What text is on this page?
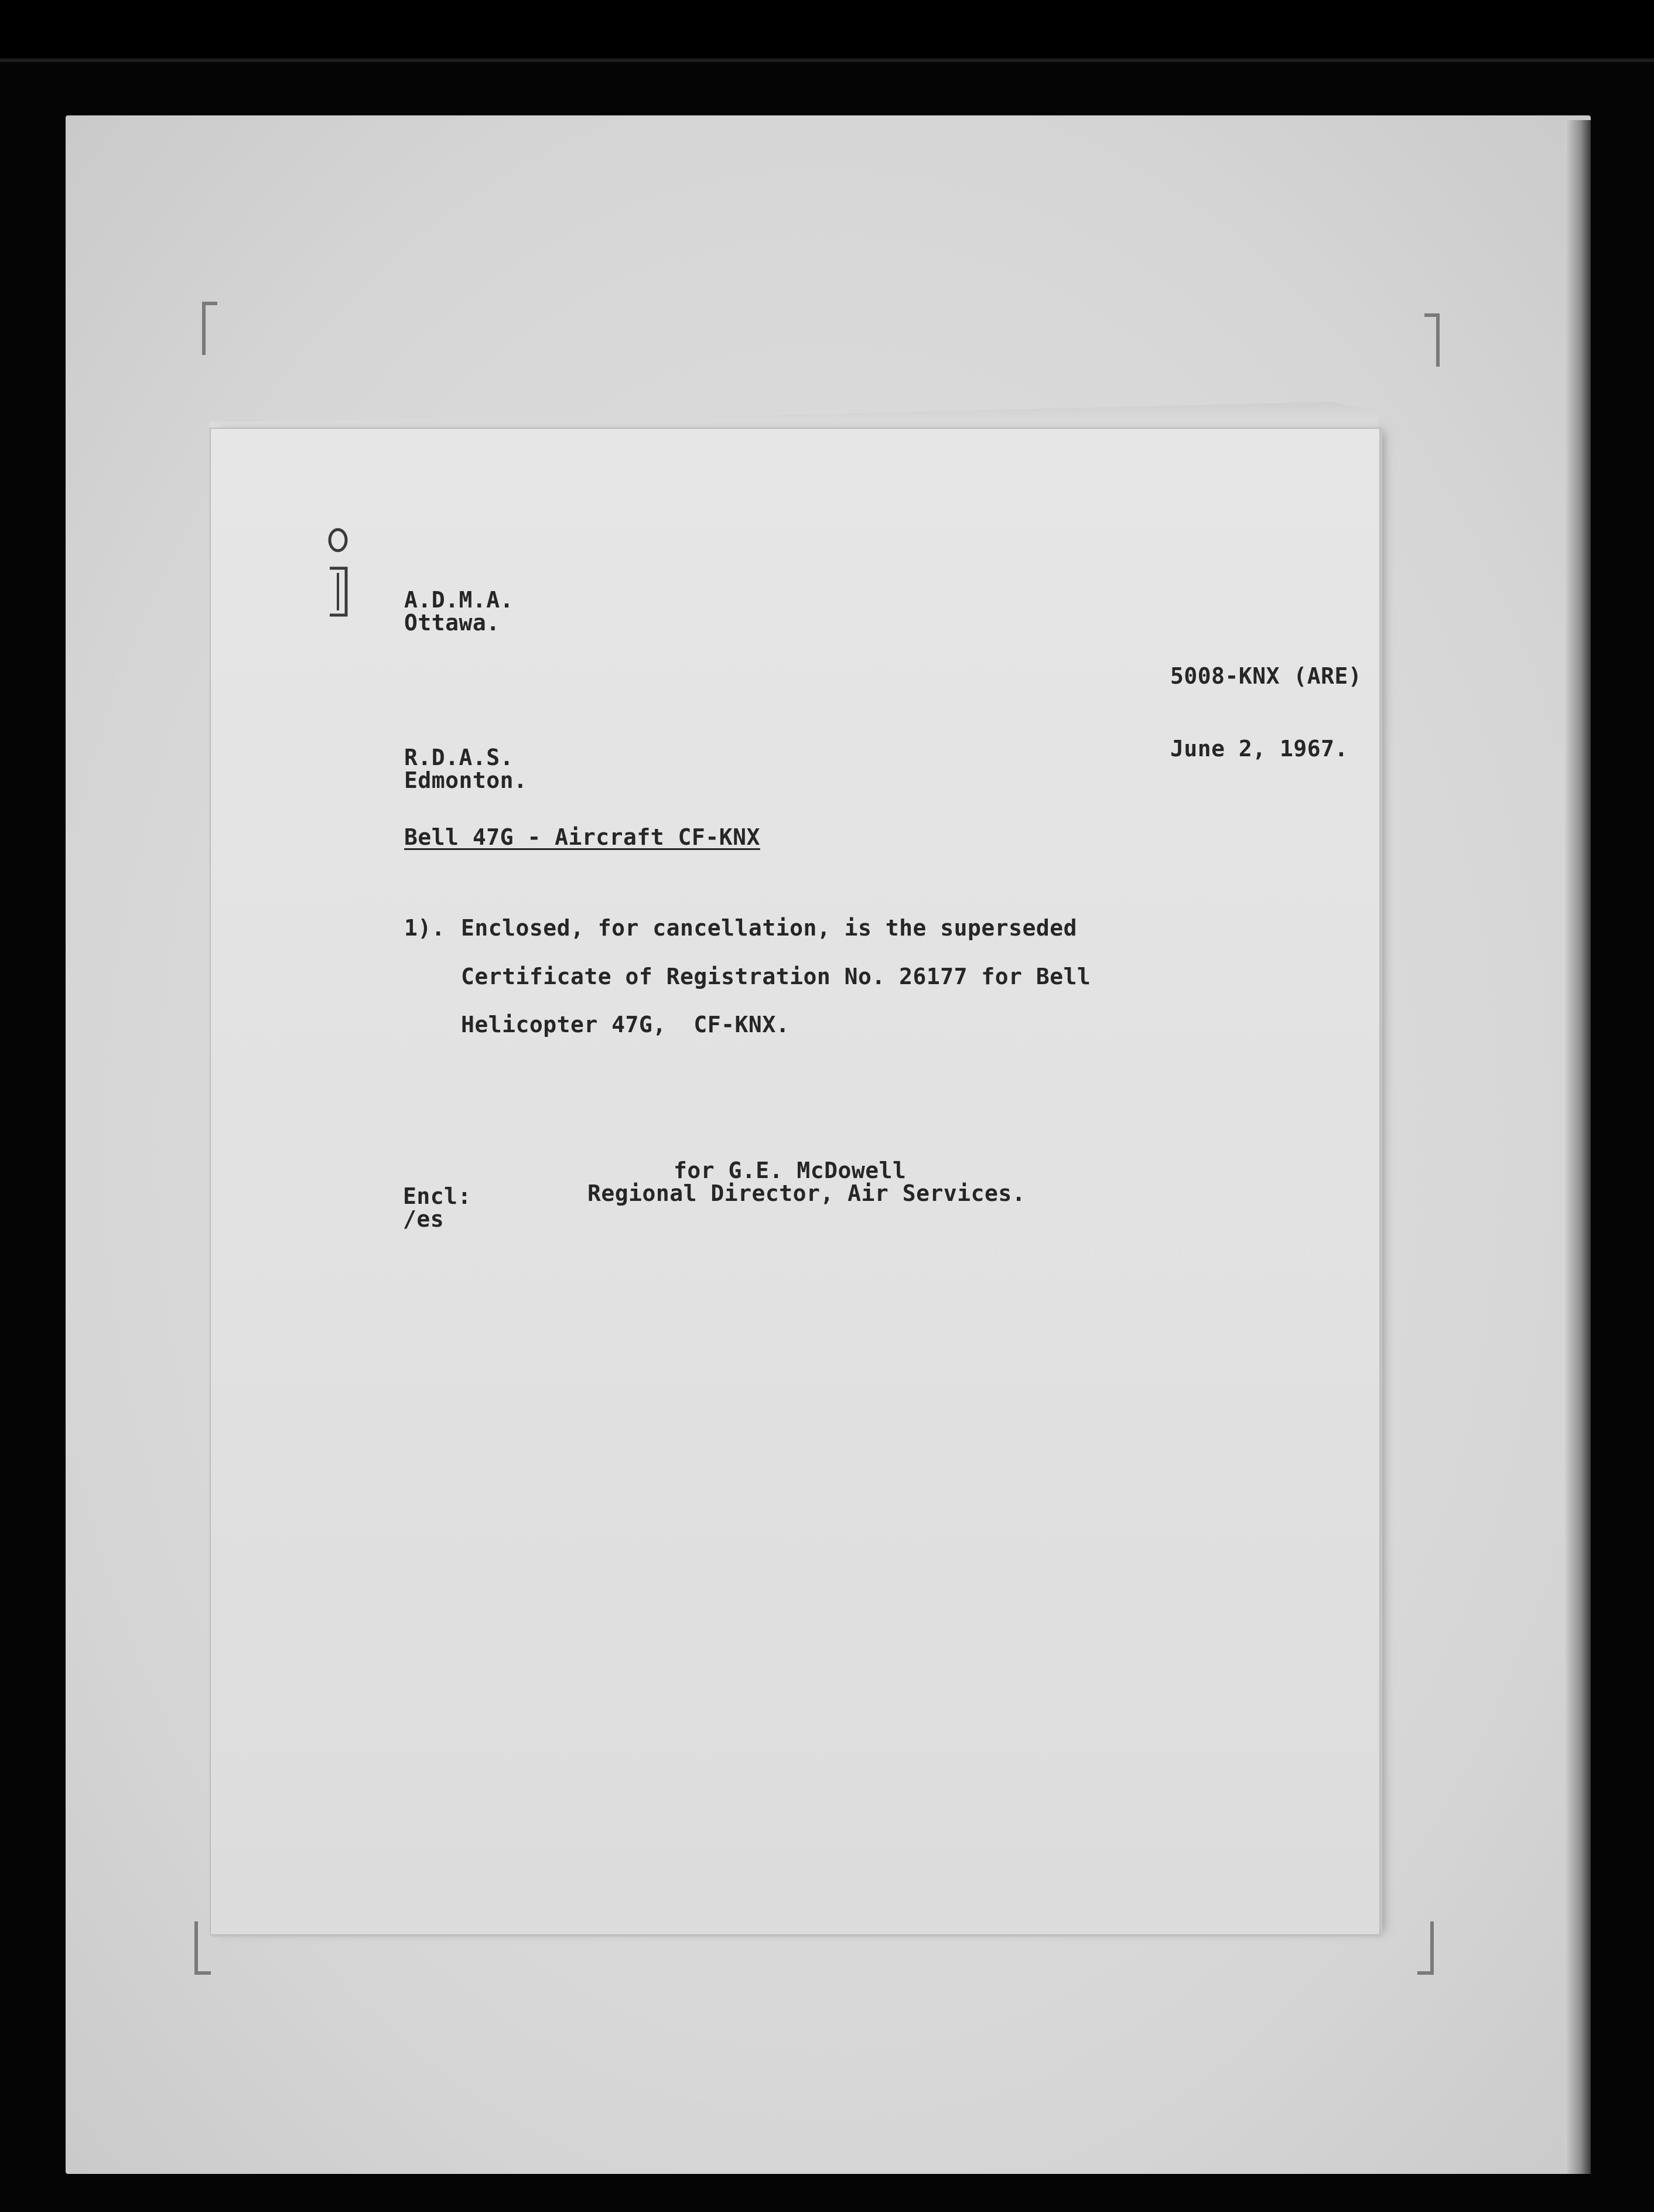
A.D.M.A.

Ottawa.

5008-KNX (ARE)

June 2, 1967.

R.D.A.S.

Edmonton.

Bell 47G - Aircraft CF-KNX

1). Enclosed, for cancellation, is the superseded

Certificate of Registration No. 26177 for Bell

Helicopter 47G,  CF-KNX.

for G.E. McDowell

Regional Director, Air Services.

Encl:

/es
